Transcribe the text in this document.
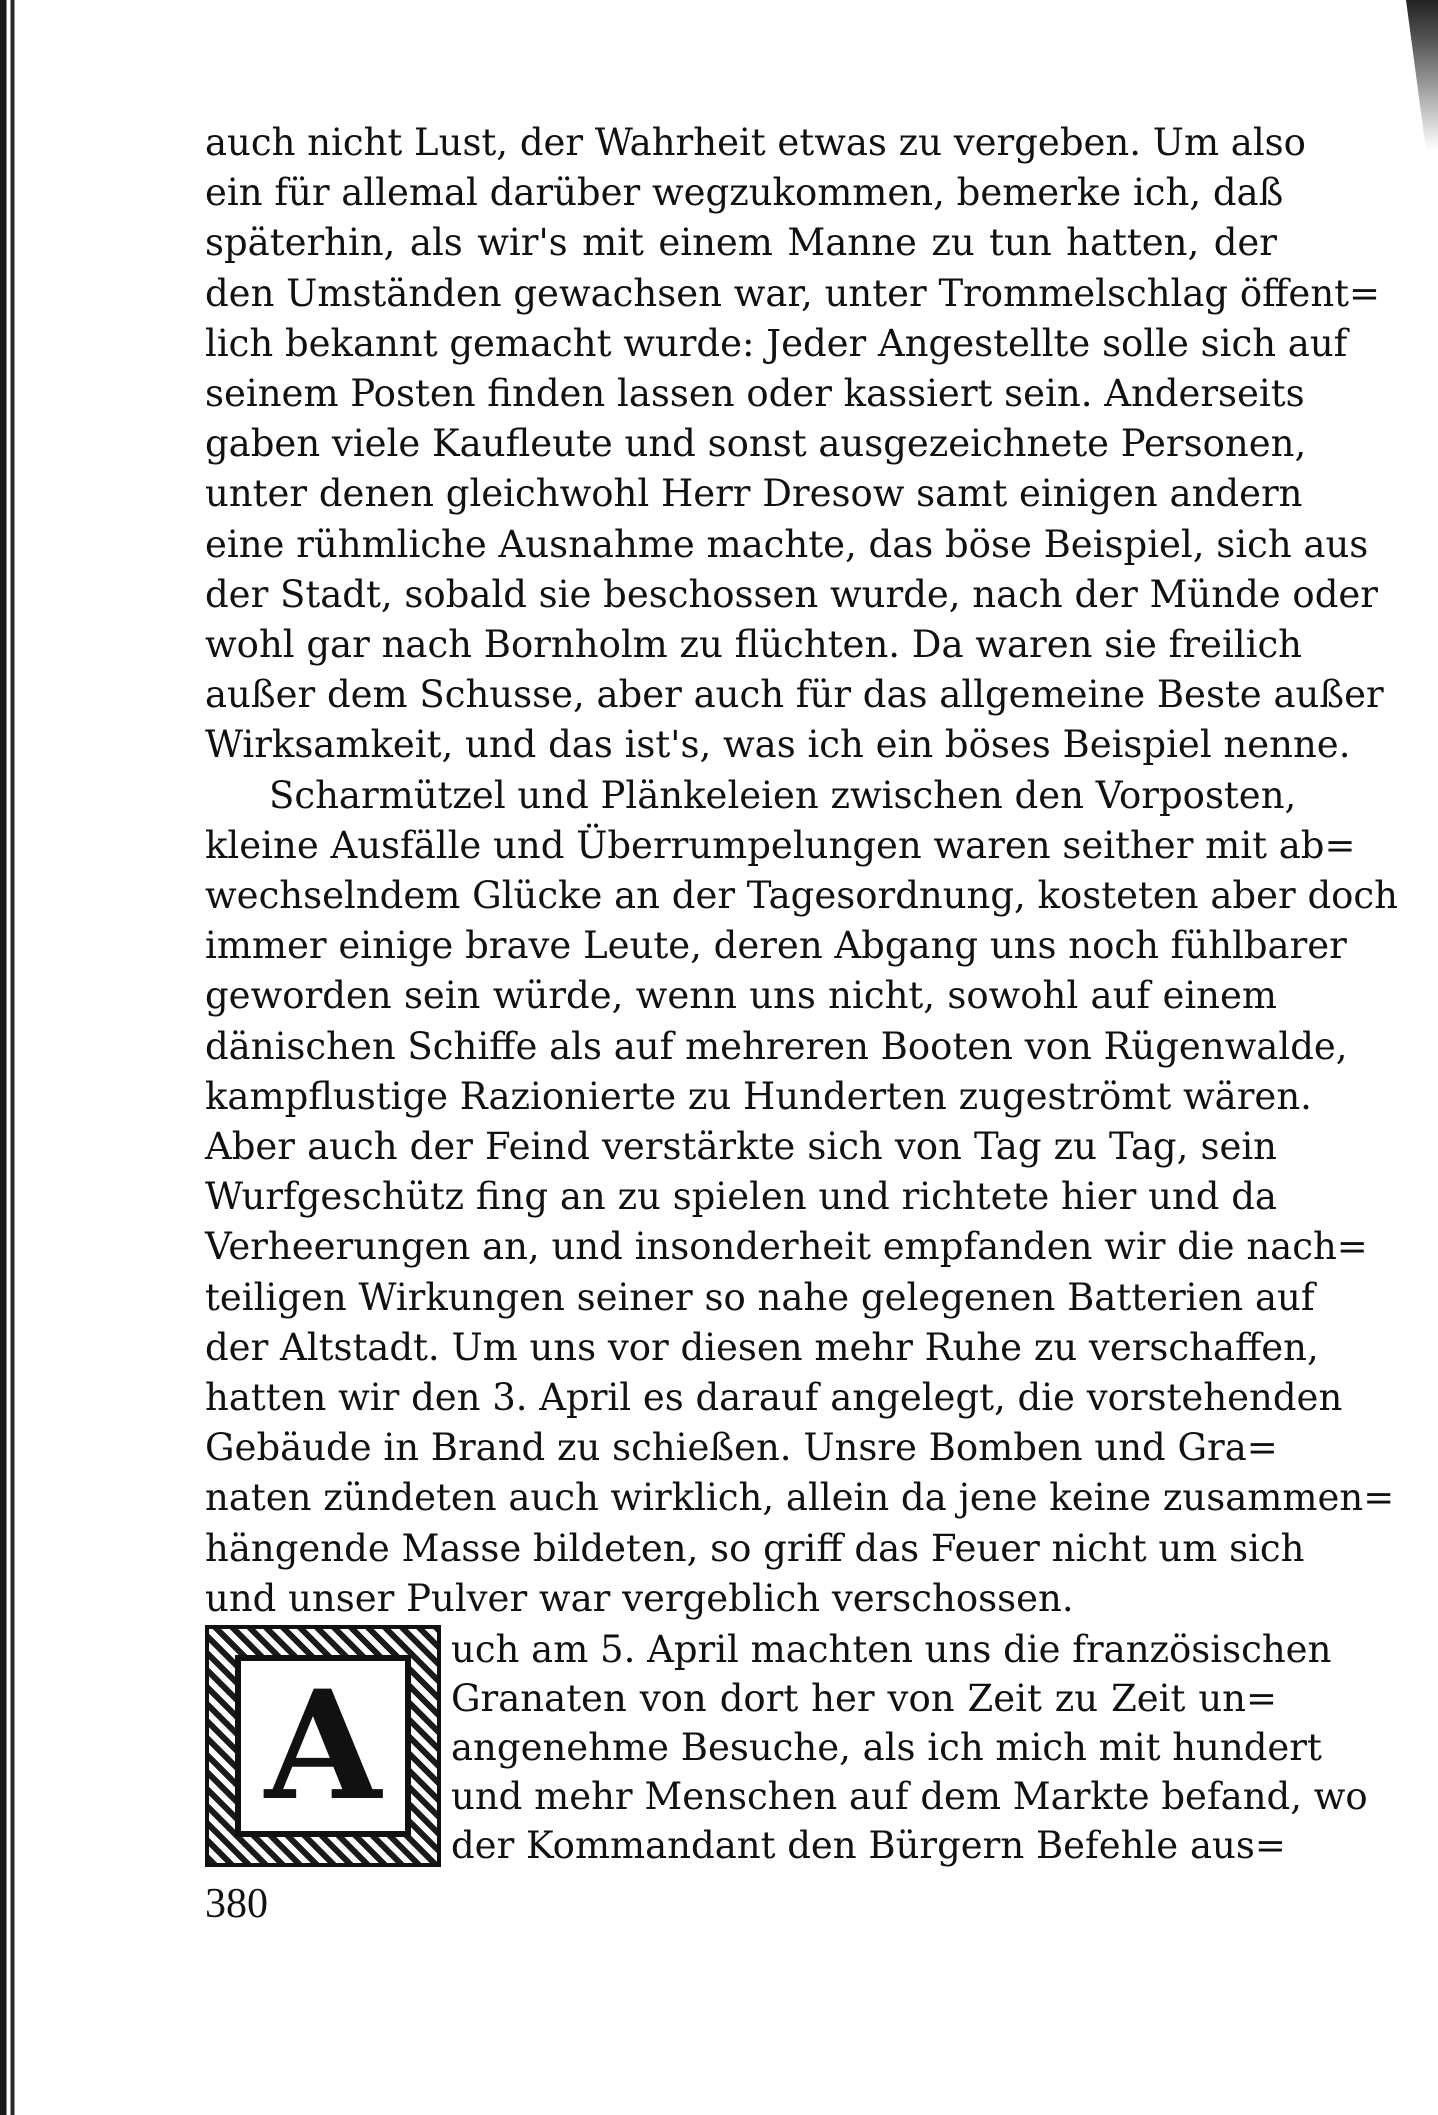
auch nicht Lust, der Wahrheit etwas zu vergeben. Um also
ein für allemal darüber wegzukommen, bemerke ich, daß
späterhin, als wir's mit einem Manne zu tun hatten, der
den Umständen gewachsen war, unter Trommelschlag öffent=
lich bekannt gemacht wurde: Jeder Angestellte solle sich auf
seinem Posten finden lassen oder kassiert sein. Anderseits
gaben viele Kaufleute und sonst ausgezeichnete Personen,
unter denen gleichwohl Herr Dresow samt einigen andern
eine rühmliche Ausnahme machte, das böse Beispiel, sich aus
der Stadt, sobald sie beschossen wurde, nach der Münde oder
wohl gar nach Bornholm zu flüchten. Da waren sie freilich
außer dem Schusse, aber auch für das allgemeine Beste außer
Wirksamkeit, und das ist's, was ich ein böses Beispiel nenne.

Scharmützel und Plänkeleien zwischen den Vorposten,
kleine Ausfälle und Überrumpelungen waren seither mit ab=
wechselndem Glücke an der Tagesordnung, kosteten aber doch
immer einige brave Leute, deren Abgang uns noch fühlbarer
geworden sein würde, wenn uns nicht, sowohl auf einem
dänischen Schiffe als auf mehreren Booten von Rügenwalde,
kampflustige Razionierte zu Hunderten zugeströmt wären.
Aber auch der Feind verstärkte sich von Tag zu Tag, sein
Wurfgeschütz fing an zu spielen und richtete hier und da
Verheerungen an, und insonderheit empfanden wir die nach=
teiligen Wirkungen seiner so nahe gelegenen Batterien auf
der Altstadt. Um uns vor diesen mehr Ruhe zu verschaffen,
hatten wir den 3. April es darauf angelegt, die vorstehenden
Gebäude in Brand zu schießen. Unsre Bomben und Gra=
naten zündeten auch wirklich, allein da jene keine zusammen=
hängende Masse bildeten, so griff das Feuer nicht um sich
und unser Pulver war vergeblich verschossen.

A
uch am 5. April machten uns die französischen
Granaten von dort her von Zeit zu Zeit un=
angenehme Besuche, als ich mich mit hundert
und mehr Menschen auf dem Markte befand, wo
der Kommandant den Bürgern Befehle aus=
380
